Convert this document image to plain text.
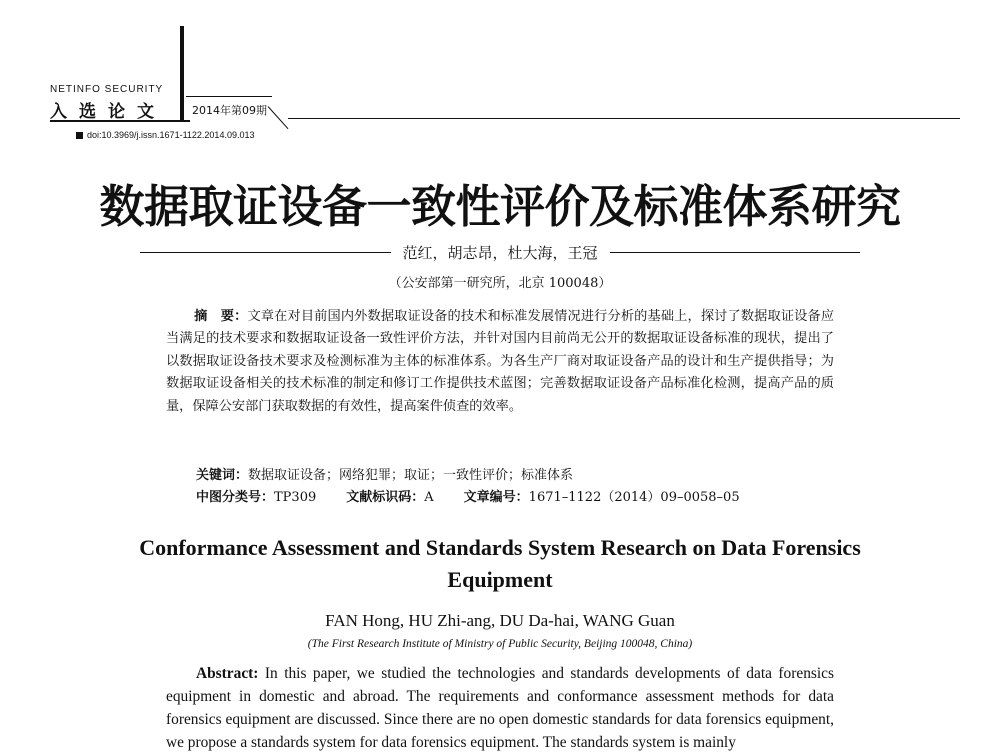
NETINFO SECURITY
入选论文 2014年第09期
doi:10.3969/j.issn.1671-1122.2014.09.013
数据取证设备一致性评价及标准体系研究
范红，胡志昂，杜大海，王冠
（公安部第一研究所，北京 100048）
摘　要：文章在对目前国内外数据取证设备的技术和标准发展情况进行分析的基础上，探讨了数据取证设备应当满足的技术要求和数据取证设备一致性评价方法，并针对国内目前尚无公开的数据取证设备标准的现状，提出了以数据取证设备技术要求及检测标准为主体的标准体系。为各生产厂商对取证设备产品的设计和生产提供指导；为数据取证设备相关的技术标准的制定和修订工作提供技术蓝图；完善数据取证设备产品标准化检测，提高产品的质量，保障公安部门获取数据的有效性，提高案件侦查的效率。
关键词：数据取证设备；网络犯罪；取证；一致性评价；标准体系
中图分类号：TP309 文献标识码：A 文章编号：1671–1122（2014）09–0058–05
Conformance Assessment and Standards System Research on Data Forensics Equipment
FAN Hong, HU Zhi-ang, DU Da-hai, WANG Guan
(The First Research Institute of Ministry of Public Security, Beijing 100048, China)
Abstract: In this paper, we studied the technologies and standards developments of data forensics equipment in domestic and abroad. The requirements and conformance assessment methods for data forensics equipment are discussed. Since there are no open domestic standards for data forensics equipment, we propose a standards system for data forensics equipment. The standards system is mainly
